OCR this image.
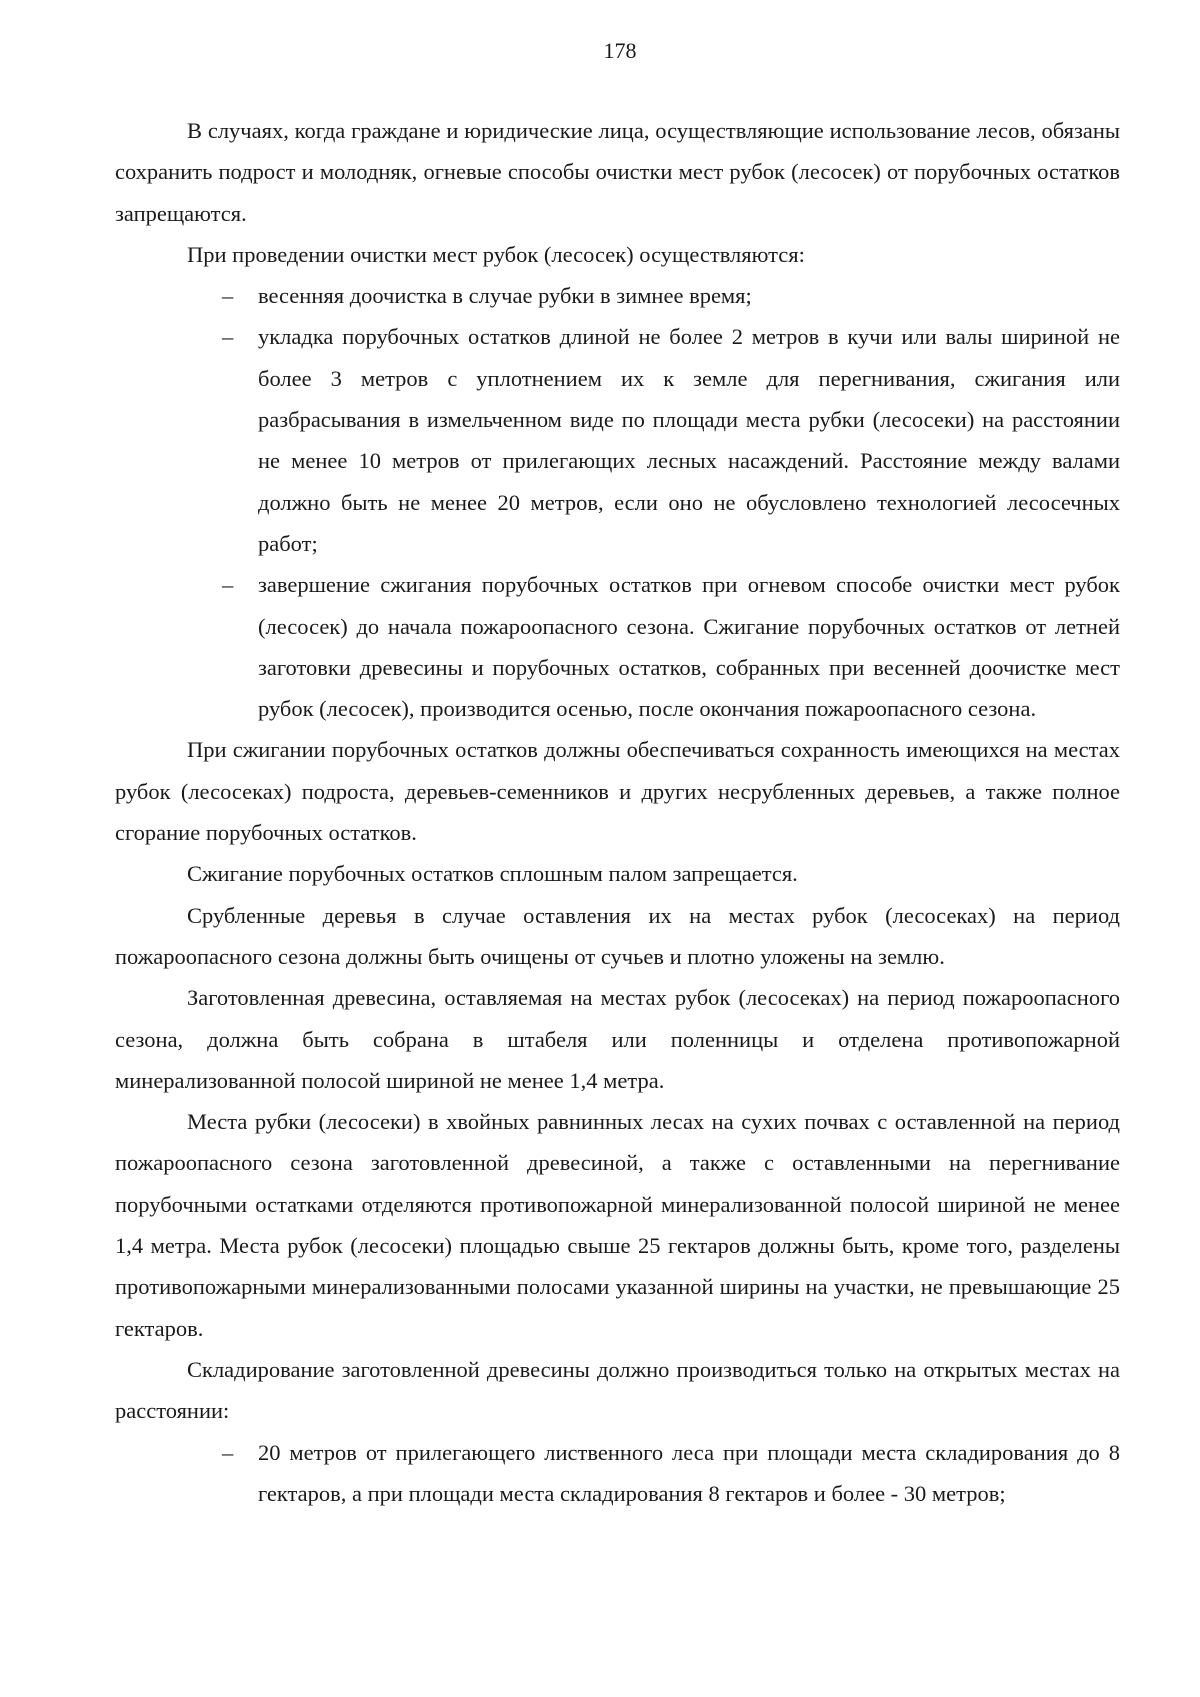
178

В случаях, когда граждане и юридические лица, осуществляющие использование лесов, обязаны сохранить подрост и молодняк, огневые способы очистки мест рубок (лесосек) от порубочных остатков запрещаются.

При проведении очистки мест рубок (лесосек) осуществляются:

– весенняя доочистка в случае рубки в зимнее время;
– укладка порубочных остатков длиной не более 2 метров в кучи или валы шириной не более 3 метров с уплотнением их к земле для перегнивания, сжигания или разбрасывания в измельченном виде по площади места рубки (лесосеки) на расстоянии не менее 10 метров от прилегающих лесных насаждений. Расстояние между валами должно быть не менее 20 метров, если оно не обусловлено технологией лесосечных работ;
– завершение сжигания порубочных остатков при огневом способе очистки мест рубок (лесосек) до начала пожароопасного сезона. Сжигание порубочных остатков от летней заготовки древесины и порубочных остатков, собранных при весенней доочистке мест рубок (лесосек), производится осенью, после окончания пожароопасного сезона.

При сжигании порубочных остатков должны обеспечиваться сохранность имеющихся на местах рубок (лесосеках) подроста, деревьев-семенников и других несрубленных деревьев, а также полное сгорание порубочных остатков.

Сжигание порубочных остатков сплошным палом запрещается.

Срубленные деревья в случае оставления их на местах рубок (лесосеках) на период пожароопасного сезона должны быть очищены от сучьев и плотно уложены на землю.

Заготовленная древесина, оставляемая на местах рубок (лесосеках) на период пожароопасного сезона, должна быть собрана в штабеля или поленницы и отделена противопожарной минерализованной полосой шириной не менее 1,4 метра.

Места рубки (лесосеки) в хвойных равнинных лесах на сухих почвах с оставленной на период пожароопасного сезона заготовленной древесиной, а также с оставленными на перегнивание порубочными остатками отделяются противопожарной минерализованной полосой шириной не менее 1,4 метра. Места рубок (лесосеки) площадью свыше 25 гектаров должны быть, кроме того, разделены противопожарными минерализованными полосами указанной ширины на участки, не превышающие 25 гектаров.

Складирование заготовленной древесины должно производиться только на открытых местах на расстоянии:

– 20 метров от прилегающего лиственного леса при площади места складирования до 8 гектаров, а при площади места складирования 8 гектаров и более - 30 метров;
